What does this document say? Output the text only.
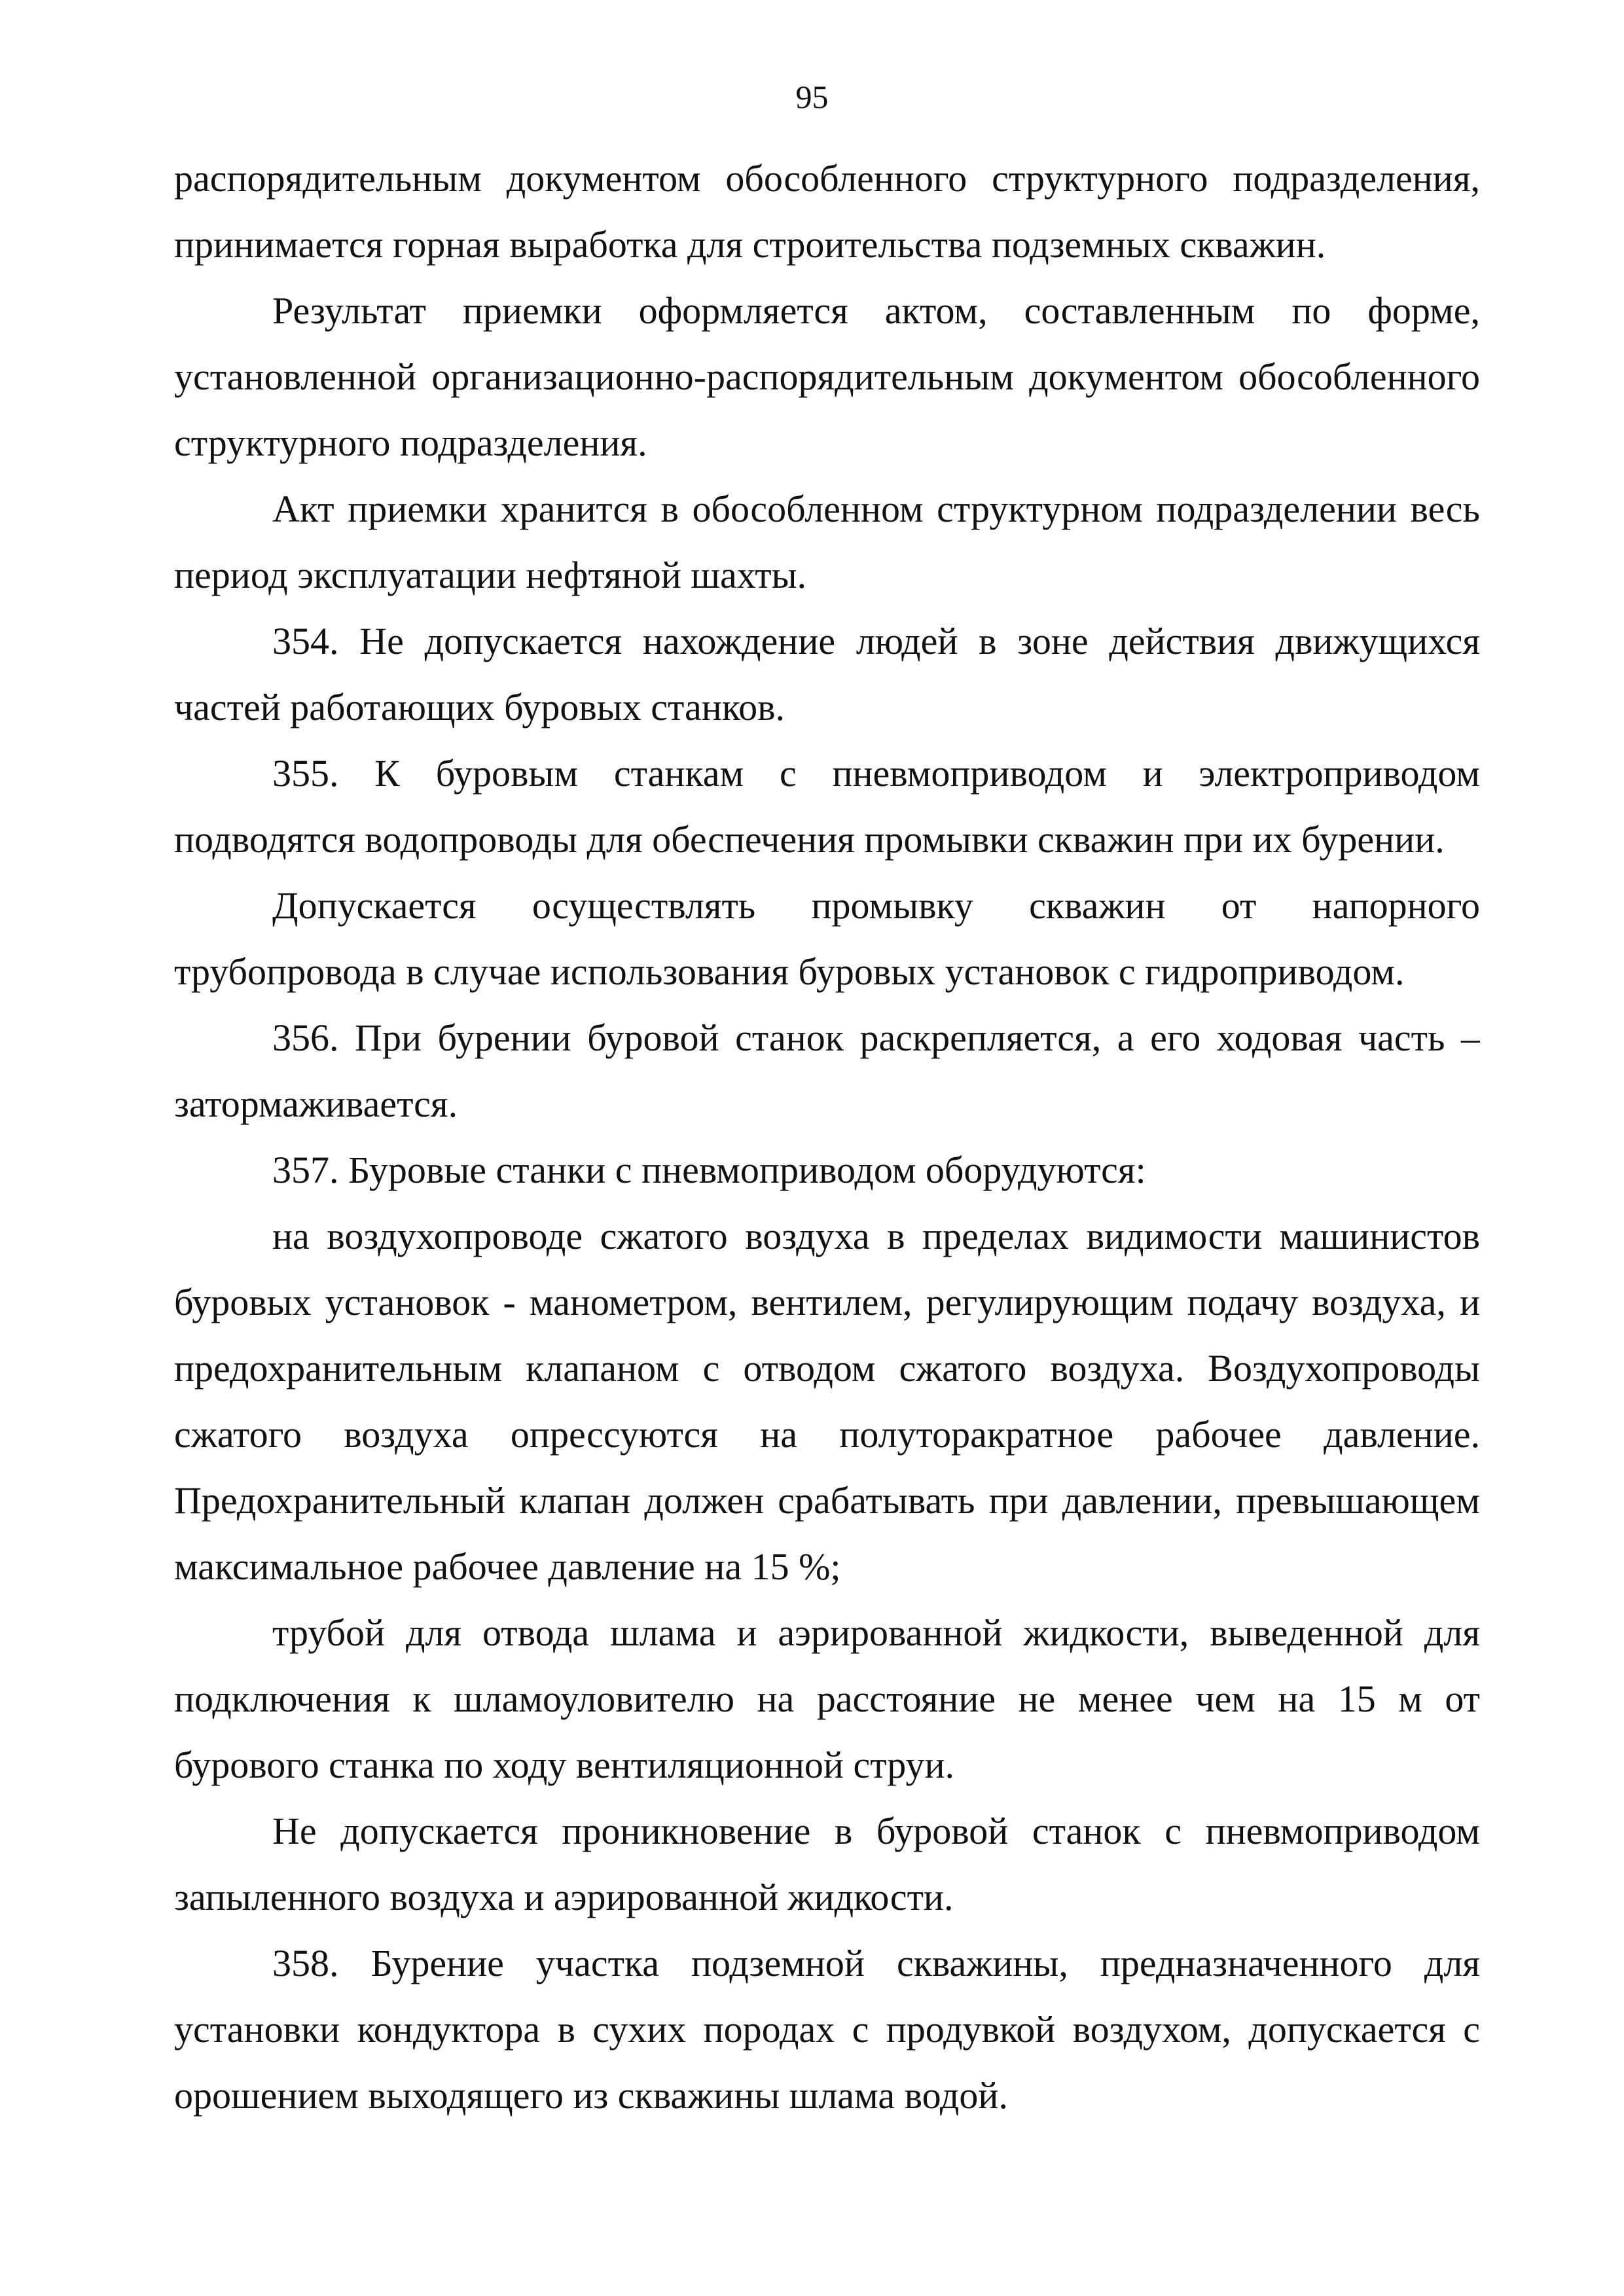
95
распорядительным документом обособленного структурного подразделения,
принимается горная выработка для строительства подземных скважин.
Результат приемки оформляется актом, составленным по форме,
установленной организационно-распорядительным документом обособленного
структурного подразделения.
Акт приемки хранится в обособленном структурном подразделении весь
период эксплуатации нефтяной шахты.
354. Не допускается нахождение людей в зоне действия движущихся
частей работающих буровых станков.
355. К буровым станкам с пневмоприводом и электроприводом
подводятся водопроводы для обеспечения промывки скважин при их бурении.
Допускается осуществлять промывку скважин от напорного
трубопровода в случае использования буровых установок с гидроприводом.
356. При бурении буровой станок раскрепляется, а его ходовая часть –
затормаживается.
357. Буровые станки с пневмоприводом оборудуются:
на воздухопроводе сжатого воздуха в пределах видимости машинистов
буровых установок - манометром, вентилем, регулирующим подачу воздуха, и
предохранительным клапаном с отводом сжатого воздуха. Воздухопроводы
сжатого воздуха опрессуются на полуторакратное рабочее давление.
Предохранительный клапан должен срабатывать при давлении, превышающем
максимальное рабочее давление на 15 %;
трубой для отвода шлама и аэрированной жидкости, выведенной для
подключения к шламоуловителю на расстояние не менее чем на 15 м от
бурового станка по ходу вентиляционной струи.
Не допускается проникновение в буровой станок с пневмоприводом
запыленного воздуха и аэрированной жидкости.
358. Бурение участка подземной скважины, предназначенного для
установки кондуктора в сухих породах с продувкой воздухом, допускается с
орошением выходящего из скважины шлама водой.
